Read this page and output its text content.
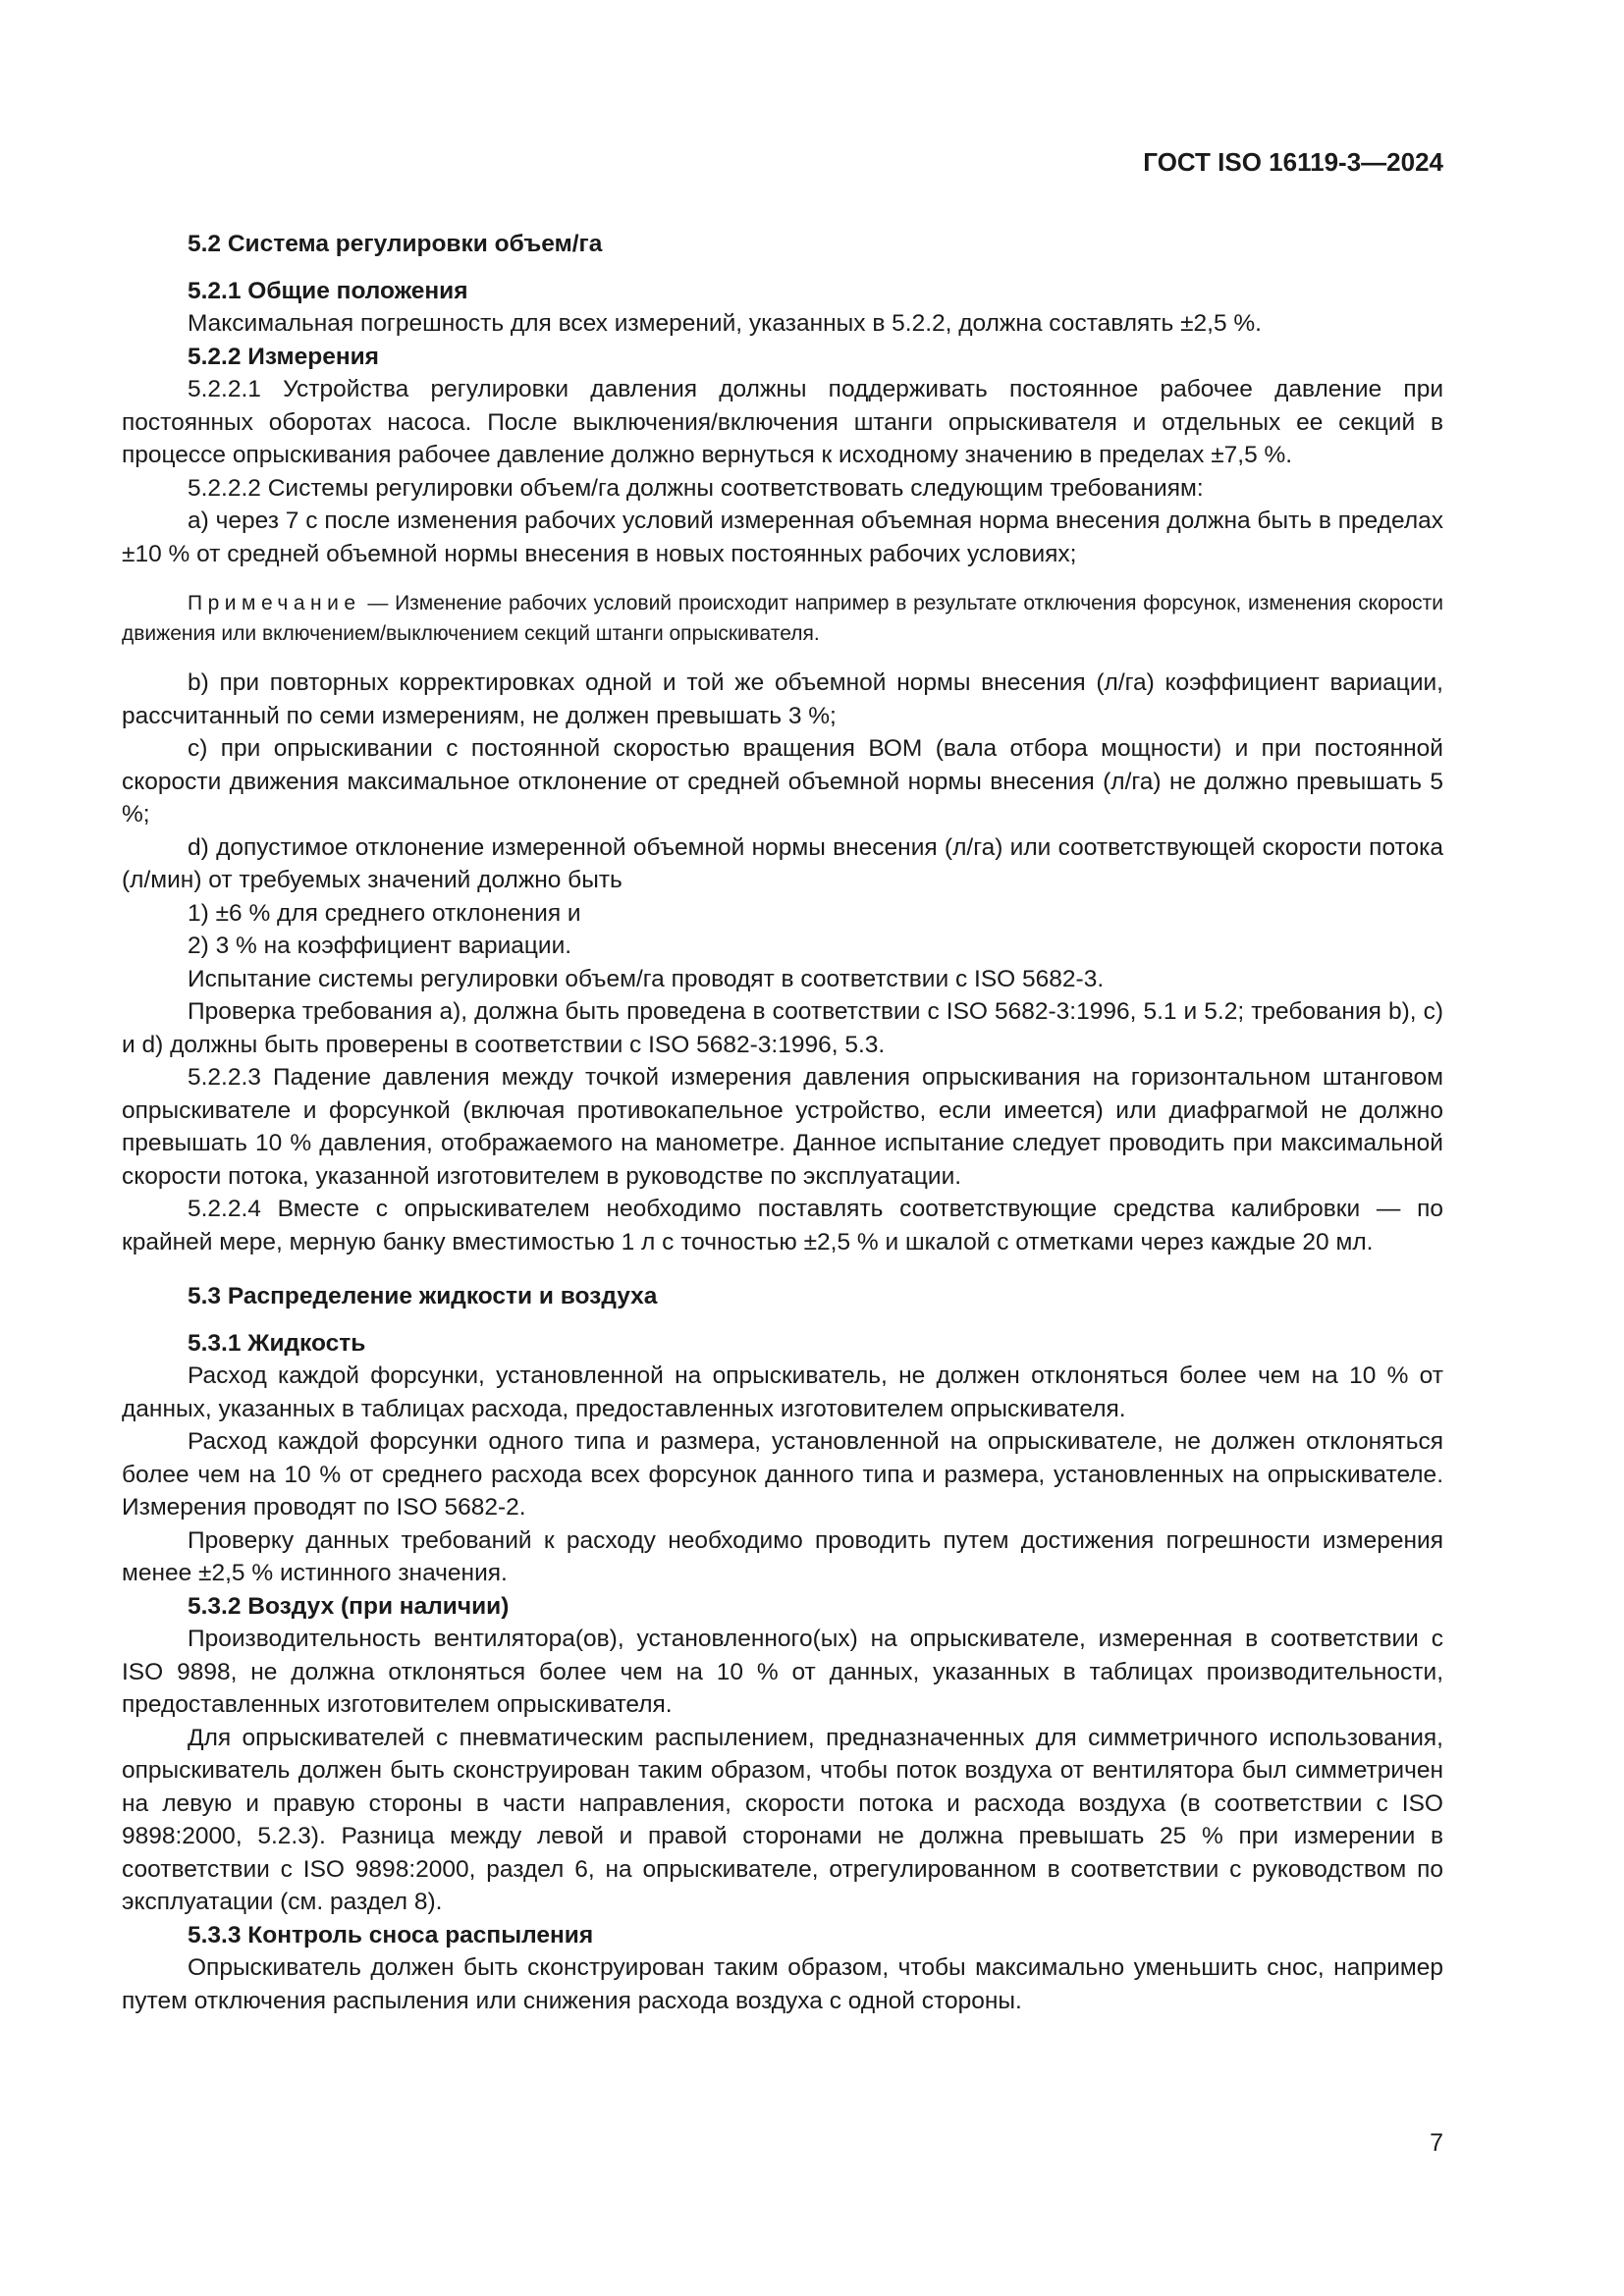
ГОСТ ISO 16119-3—2024
5.2 Система регулировки объем/га
5.2.1 Общие положения

Максимальная погрешность для всех измерений, указанных в 5.2.2, должна составлять ±2,5 %.

5.2.2 Измерения

5.2.2.1 Устройства регулировки давления должны поддерживать постоянное рабочее давление при постоянных оборотах насоса. После выключения/включения штанги опрыскивателя и отдельных ее секций в процессе опрыскивания рабочее давление должно вернуться к исходному значению в пределах ±7,5 %.

5.2.2.2 Системы регулировки объем/га должны соответствовать следующим требованиям:

a) через 7 с после изменения рабочих условий измеренная объемная норма внесения должна быть в пределах ±10 % от средней объемной нормы внесения в новых постоянных рабочих условиях;

Примечание — Изменение рабочих условий происходит например в результате отключения форсунок, изменения скорости движения или включением/выключением секций штанги опрыскивателя.

b) при повторных корректировках одной и той же объемной нормы внесения (л/га) коэффициент вариации, рассчитанный по семи измерениям, не должен превышать 3 %;

c) при опрыскивании с постоянной скоростью вращения ВОМ (вала отбора мощности) и при постоянной скорости движения максимальное отклонение от средней объемной нормы внесения (л/га) не должно превышать 5 %;

d) допустимое отклонение измеренной объемной нормы внесения (л/га) или соответствующей скорости потока (л/мин) от требуемых значений должно быть

1) ±6 % для среднего отклонения и

2) 3 % на коэффициент вариации.

Испытание системы регулировки объем/га проводят в соответствии с ISO 5682-3.

Проверка требования a), должна быть проведена в соответствии с ISO 5682-3:1996, 5.1 и 5.2; требования b), c) и d) должны быть проверены в соответствии с ISO 5682-3:1996, 5.3.

5.2.2.3 Падение давления между точкой измерения давления опрыскивания на горизонтальном штанговом опрыскивателе и форсункой (включая противокапельное устройство, если имеется) или диафрагмой не должно превышать 10 % давления, отображаемого на манометре. Данное испытание следует проводить при максимальной скорости потока, указанной изготовителем в руководстве по эксплуатации.

5.2.2.4 Вместе с опрыскивателем необходимо поставлять соответствующие средства калибровки — по крайней мере, мерную банку вместимостью 1 л с точностью ±2,5 % и шкалой с отметками через каждые 20 мл.

5.3 Распределение жидкости и воздуха
5.3.1 Жидкость

Расход каждой форсунки, установленной на опрыскиватель, не должен отклоняться более чем на 10 % от данных, указанных в таблицах расхода, предоставленных изготовителем опрыскивателя.

Расход каждой форсунки одного типа и размера, установленной на опрыскивателе, не должен отклоняться более чем на 10 % от среднего расхода всех форсунок данного типа и размера, установленных на опрыскивателе. Измерения проводят по ISO 5682-2.

Проверку данных требований к расходу необходимо проводить путем достижения погрешности измерения менее ±2,5 % истинного значения.

5.3.2 Воздух (при наличии)

Производительность вентилятора(ов), установленного(ых) на опрыскивателе, измеренная в соответствии с ISO 9898, не должна отклоняться более чем на 10 % от данных, указанных в таблицах производительности, предоставленных изготовителем опрыскивателя.

Для опрыскивателей с пневматическим распылением, предназначенных для симметричного использования, опрыскиватель должен быть сконструирован таким образом, чтобы поток воздуха от вентилятора был симметричен на левую и правую стороны в части направления, скорости потока и расхода воздуха (в соответствии с ISO 9898:2000, 5.2.3). Разница между левой и правой сторонами не должна превышать 25 % при измерении в соответствии с ISO 9898:2000, раздел 6, на опрыскивателе, отрегулированном в соответствии с руководством по эксплуатации (см. раздел 8).

5.3.3 Контроль сноса распыления

Опрыскиватель должен быть сконструирован таким образом, чтобы максимально уменьшить снос, например путем отключения распыления или снижения расхода воздуха с одной стороны.

7
